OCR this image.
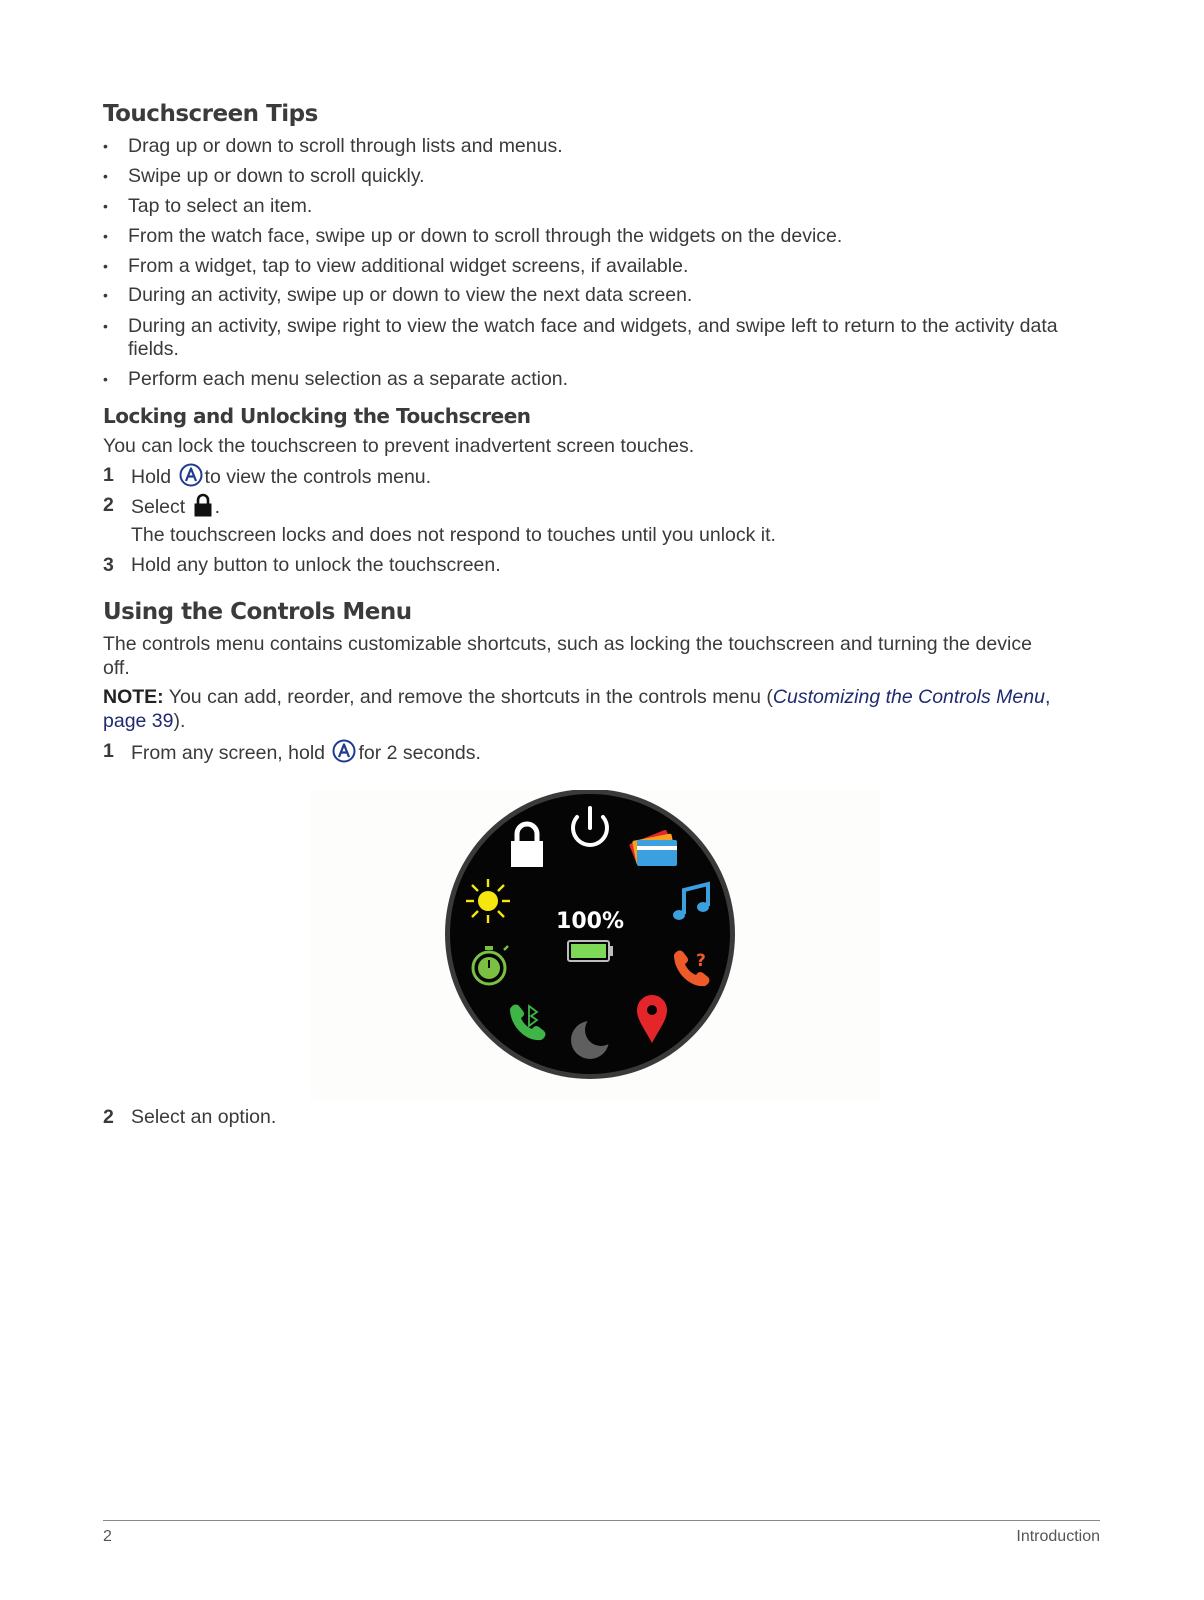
Touchscreen Tips
• Drag up or down to scroll through lists and menus.
• Swipe up or down to scroll quickly.
• Tap to select an item.
• From the watch face, swipe up or down to scroll through the widgets on the device.
• From a widget, tap to view additional widget screens, if available.
• During an activity, swipe up or down to view the next data screen.
• During an activity, swipe right to view the watch face and widgets, and swipe left to return to the activity data
fields.
• Perform each menu selection as a separate action.
Locking and Unlocking the Touchscreen
You can lock the touchscreen to prevent inadvertent screen touches.
1 Hold to view the controls menu.
2 Select .
The touchscreen locks and does not respond to touches until you unlock it.
3 Hold any button to unlock the touchscreen.
Using the Controls Menu
The controls menu contains customizable shortcuts, such as locking the touchscreen and turning the device
off.
NOTE: You can add, reorder, and remove the shortcuts in the controls menu (Customizing the Controls Menu,
page 39).
1 From any screen, hold for 2 seconds.
2 Select an option.
100%
?
2	Introduction
